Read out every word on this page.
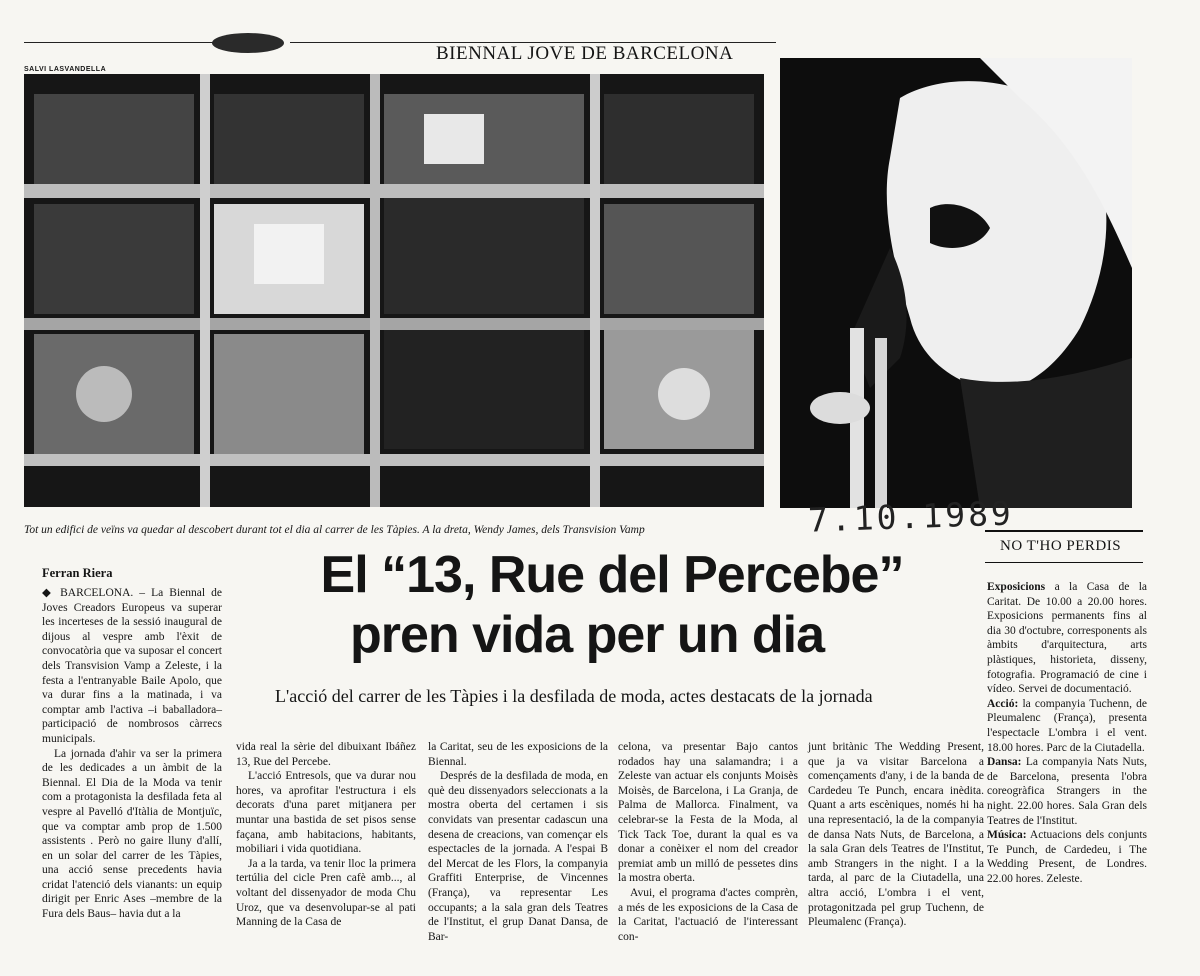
BIENNAL JOVE DE BARCELONA
SALVI LASVANDELLA
Tot un edifici de veïns va quedar al descobert durant tot el dia al carrer de les Tàpies. A la dreta, Wendy James, dels Transvision Vamp	7.10.1989
NO T'HO PERDIS
Ferran Riera	El “13, Rue del Percebe”
pren vida per un dia
L'acció del carrer de les Tàpies i la desfilada de moda, actes destacats de la jornada

◆ BARCELONA. – La Biennal de Joves Creadors Europeus va superar les incerteses de la sessió inaugural de dijous al vespre amb l'èxit de convocatòria que va suposar el concert dels Transvision Vamp a Zeleste, i la festa a l'entranyable Baile Apolo, que va durar fins a la matinada, i va comptar amb l'activa –i baballadora– participació de nombrosos càrrecs municipals.

La jornada d'ahir va ser la primera de les dedicades a un àmbit de la Biennal. El Dia de la Moda va tenir com a protagonista la desfilada feta al vespre al Pavelló d'Itàlia de Montjuïc, que va comptar amb prop de 1.500 assistents . Però no gaire lluny d'allí, en un solar del carrer de les Tàpies, una acció sense precedents havia cridat l'atenció dels vianants: un equip dirigit per Enric Ases –membre de la Fura dels Baus– havia dut a la

vida real la sèrie del dibuixant Ibáñez 13, Rue del Percebe.

L'acció Entresols, que va durar nou hores, va aprofitar l'estructura i els decorats d'una paret mitjanera per muntar una bastida de set pisos sense façana, amb habitacions, habitants, mobiliari i vida quotidiana.

Ja a la tarda, va tenir lloc la primera tertúlia del cicle Pren cafè amb..., al voltant del dissenyador de moda Chu Uroz, que va desenvolupar-se al pati Manning de la Casa de

la Caritat, seu de les exposicions de la Biennal.

Després de la desfilada de moda, en què deu dissenyadors seleccionats a la mostra oberta del certamen i sis convidats van presentar cadascun una desena de creacions, van començar els espectacles de la jornada. A l'espai B del Mercat de les Flors, la companyia Graffiti Enterprise, de Vincennes (França), va representar Les occupants; a la sala gran dels Teatres de l'Institut, el grup Danat Dansa, de Bar-

celona, va presentar Bajo cantos rodados hay una salamandra; i a Zeleste van actuar els conjunts Moisès Moisès, de Barcelona, i La Granja, de Palma de Mallorca. Finalment, va celebrar-se la Festa de la Moda, al Tick Tack Toe, durant la qual es va donar a conèixer el nom del creador premiat amb un milló de pessetes dins la mostra oberta.

Avui, el programa d'actes comprèn, a més de les exposicions de la Casa de la Caritat, l'actuació de l'interessant con-

junt britànic The Wedding Present, que ja va visitar Barcelona a començaments d'any, i de la banda de Cardedeu Te Punch, encara inèdita. Quant a arts escèniques, només hi ha una representació, la de la companyia de dansa Nats Nuts, de Barcelona, a la sala Gran dels Teatres de l'Institut, amb Strangers in the night. I a la tarda, al parc de la Ciutadella, una altra acció, L'ombra i el vent, protagonitzada pel grup Tuchenn, de Pleumalenc (França).

Exposicions a la Casa de la Caritat. De 10.00 a 20.00 hores. Exposicions permanents fins al dia 30 d'octubre, corresponents als àmbits d'arquitectura, arts plàstiques, historieta, disseny, fotografia. Programació de cine i vídeo. Servei de documentació.

Acció: la companyia Tuchenn, de Pleumalenc (França), presenta l'espectacle L'ombra i el vent. 18.00 hores. Parc de la Ciutadella.

Dansa: La companyia Nats Nuts, de Barcelona, presenta l'obra coreogràfica Strangers in the night. 22.00 hores. Sala Gran dels Teatres de l'Institut.

Música: Actuacions dels conjunts Te Punch, de Cardedeu, i The Wedding Present, de Londres. 22.00 hores. Zeleste.
